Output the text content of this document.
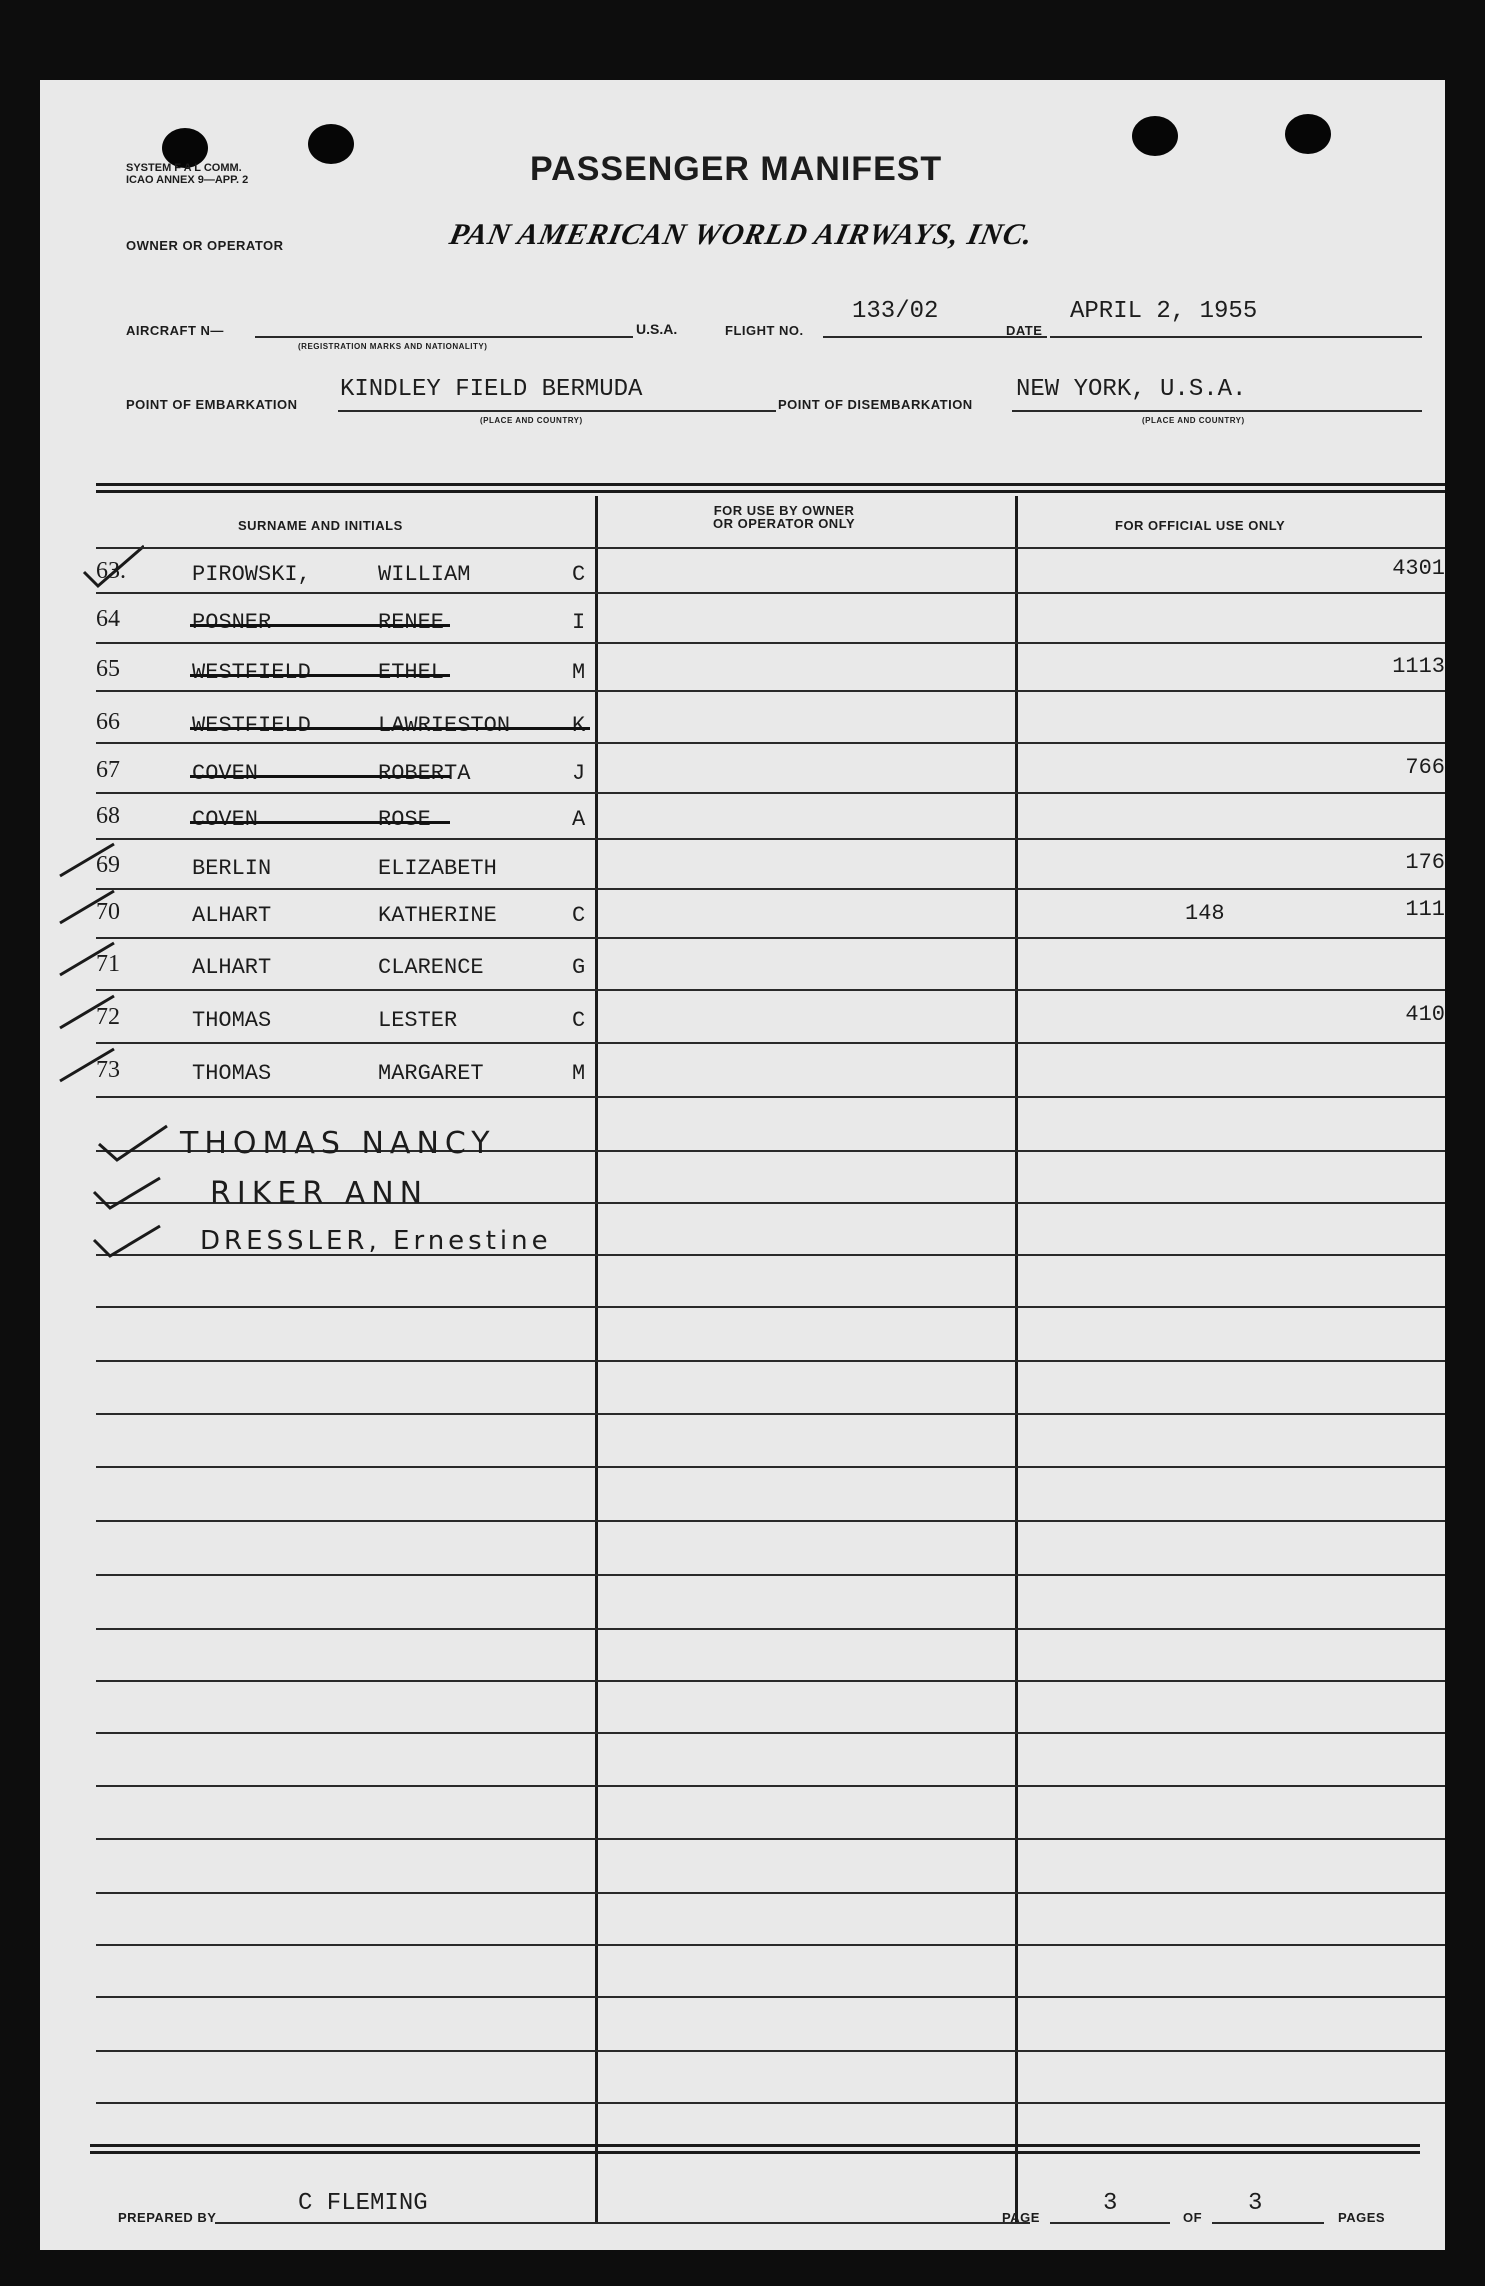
SYSTEM F A L COMM.
ICAO ANNEX 9—APP. 2	PASSENGER MANIFEST
OWNER OR OPERATOR	PAN AMERICAN WORLD AIRWAYS, INC.
AIRCRAFT N—
(REGISTRATION MARKS AND NATIONALITY)
U.S.A.	FLIGHT NO.
133/02
DATE
APRIL 2, 1955
POINT OF EMBARKATION
KINDLEY FIELD BERMUDA
(PLACE AND COUNTRY)
POINT OF DISEMBARKATION
NEW YORK, U.S.A.
(PLACE AND COUNTRY)
SURNAME AND INITIALS
FOR USE BY OWNER
OR OPERATOR ONLY	FOR OFFICIAL USE ONLY
63.	PIROWSKI,	WILLIAM	C	4301
64	POSNER	RENEE	I
65	WESTFIELD	ETHEL	M	1113
66	WESTFIELD	LAWRIESTON	K
67	COVEN	ROBERTA	J	766
68	COVEN	ROSE	A
69	BERLIN	ELIZABETH	176
70	ALHART	KATHERINE	C	148	111
71	ALHART	CLARENCE	G
72	THOMAS	LESTER	C	410
73	THOMAS	MARGARET	M
THOMAS NANCY
RIKER ANN
DRESSLER, Ernestine
PREPARED BY
C FLEMING
PAGE
3
OF
3
PAGES
